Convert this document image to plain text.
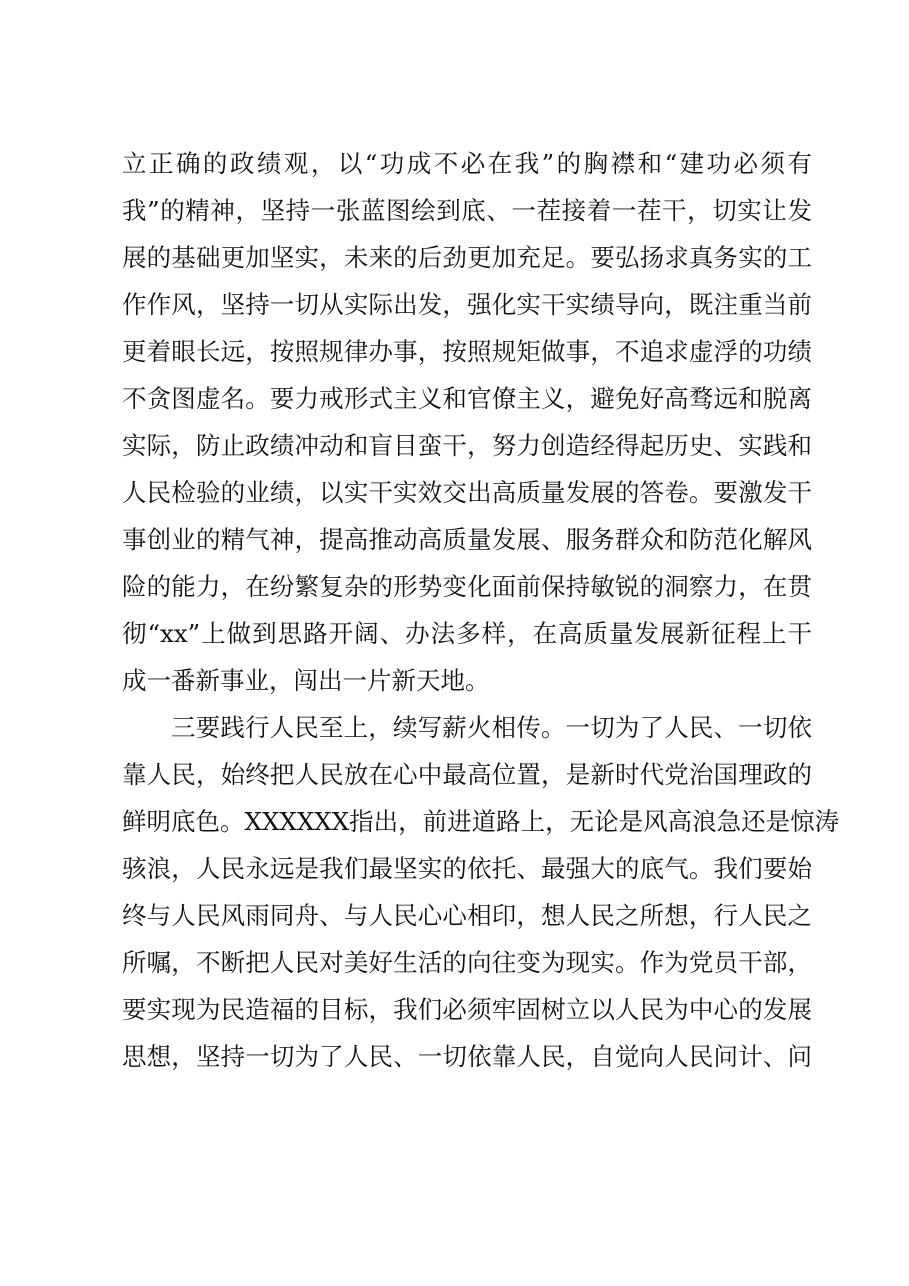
立正确的政绩观，以“功成不必在我”的胸襟和“建功必须有
我”的精神，坚持一张蓝图绘到底、一茬接着一茬干，切实让发
展的基础更加坚实，未来的后劲更加充足。要弘扬求真务实的工
作作风，坚持一切从实际出发，强化实干实绩导向，既注重当前
更着眼长远，按照规律办事，按照规矩做事，不追求虚浮的功绩
不贪图虚名。要力戒形式主义和官僚主义，避免好高骛远和脱离
实际，防止政绩冲动和盲目蛮干，努力创造经得起历史、实践和
人民检验的业绩，以实干实效交出高质量发展的答卷。要激发干
事创业的精气神，提高推动高质量发展、服务群众和防范化解风
险的能力，在纷繁复杂的形势变化面前保持敏锐的洞察力，在贯
彻“xx”上做到思路开阔、办法多样，在高质量发展新征程上干
成一番新事业，闯出一片新天地。
三要践行人民至上，续写薪火相传。一切为了人民、一切依
靠人民，始终把人民放在心中最高位置，是新时代党治国理政的
鲜明底色。XXXXXX指出，前进道路上，无论是风高浪急还是惊涛
骇浪，人民永远是我们最坚实的依托、最强大的底气。我们要始
终与人民风雨同舟、与人民心心相印，想人民之所想，行人民之
所嘱，不断把人民对美好生活的向往变为现实。作为党员干部，
要实现为民造福的目标，我们必须牢固树立以人民为中心的发展
思想，坚持一切为了人民、一切依靠人民，自觉向人民问计、问
